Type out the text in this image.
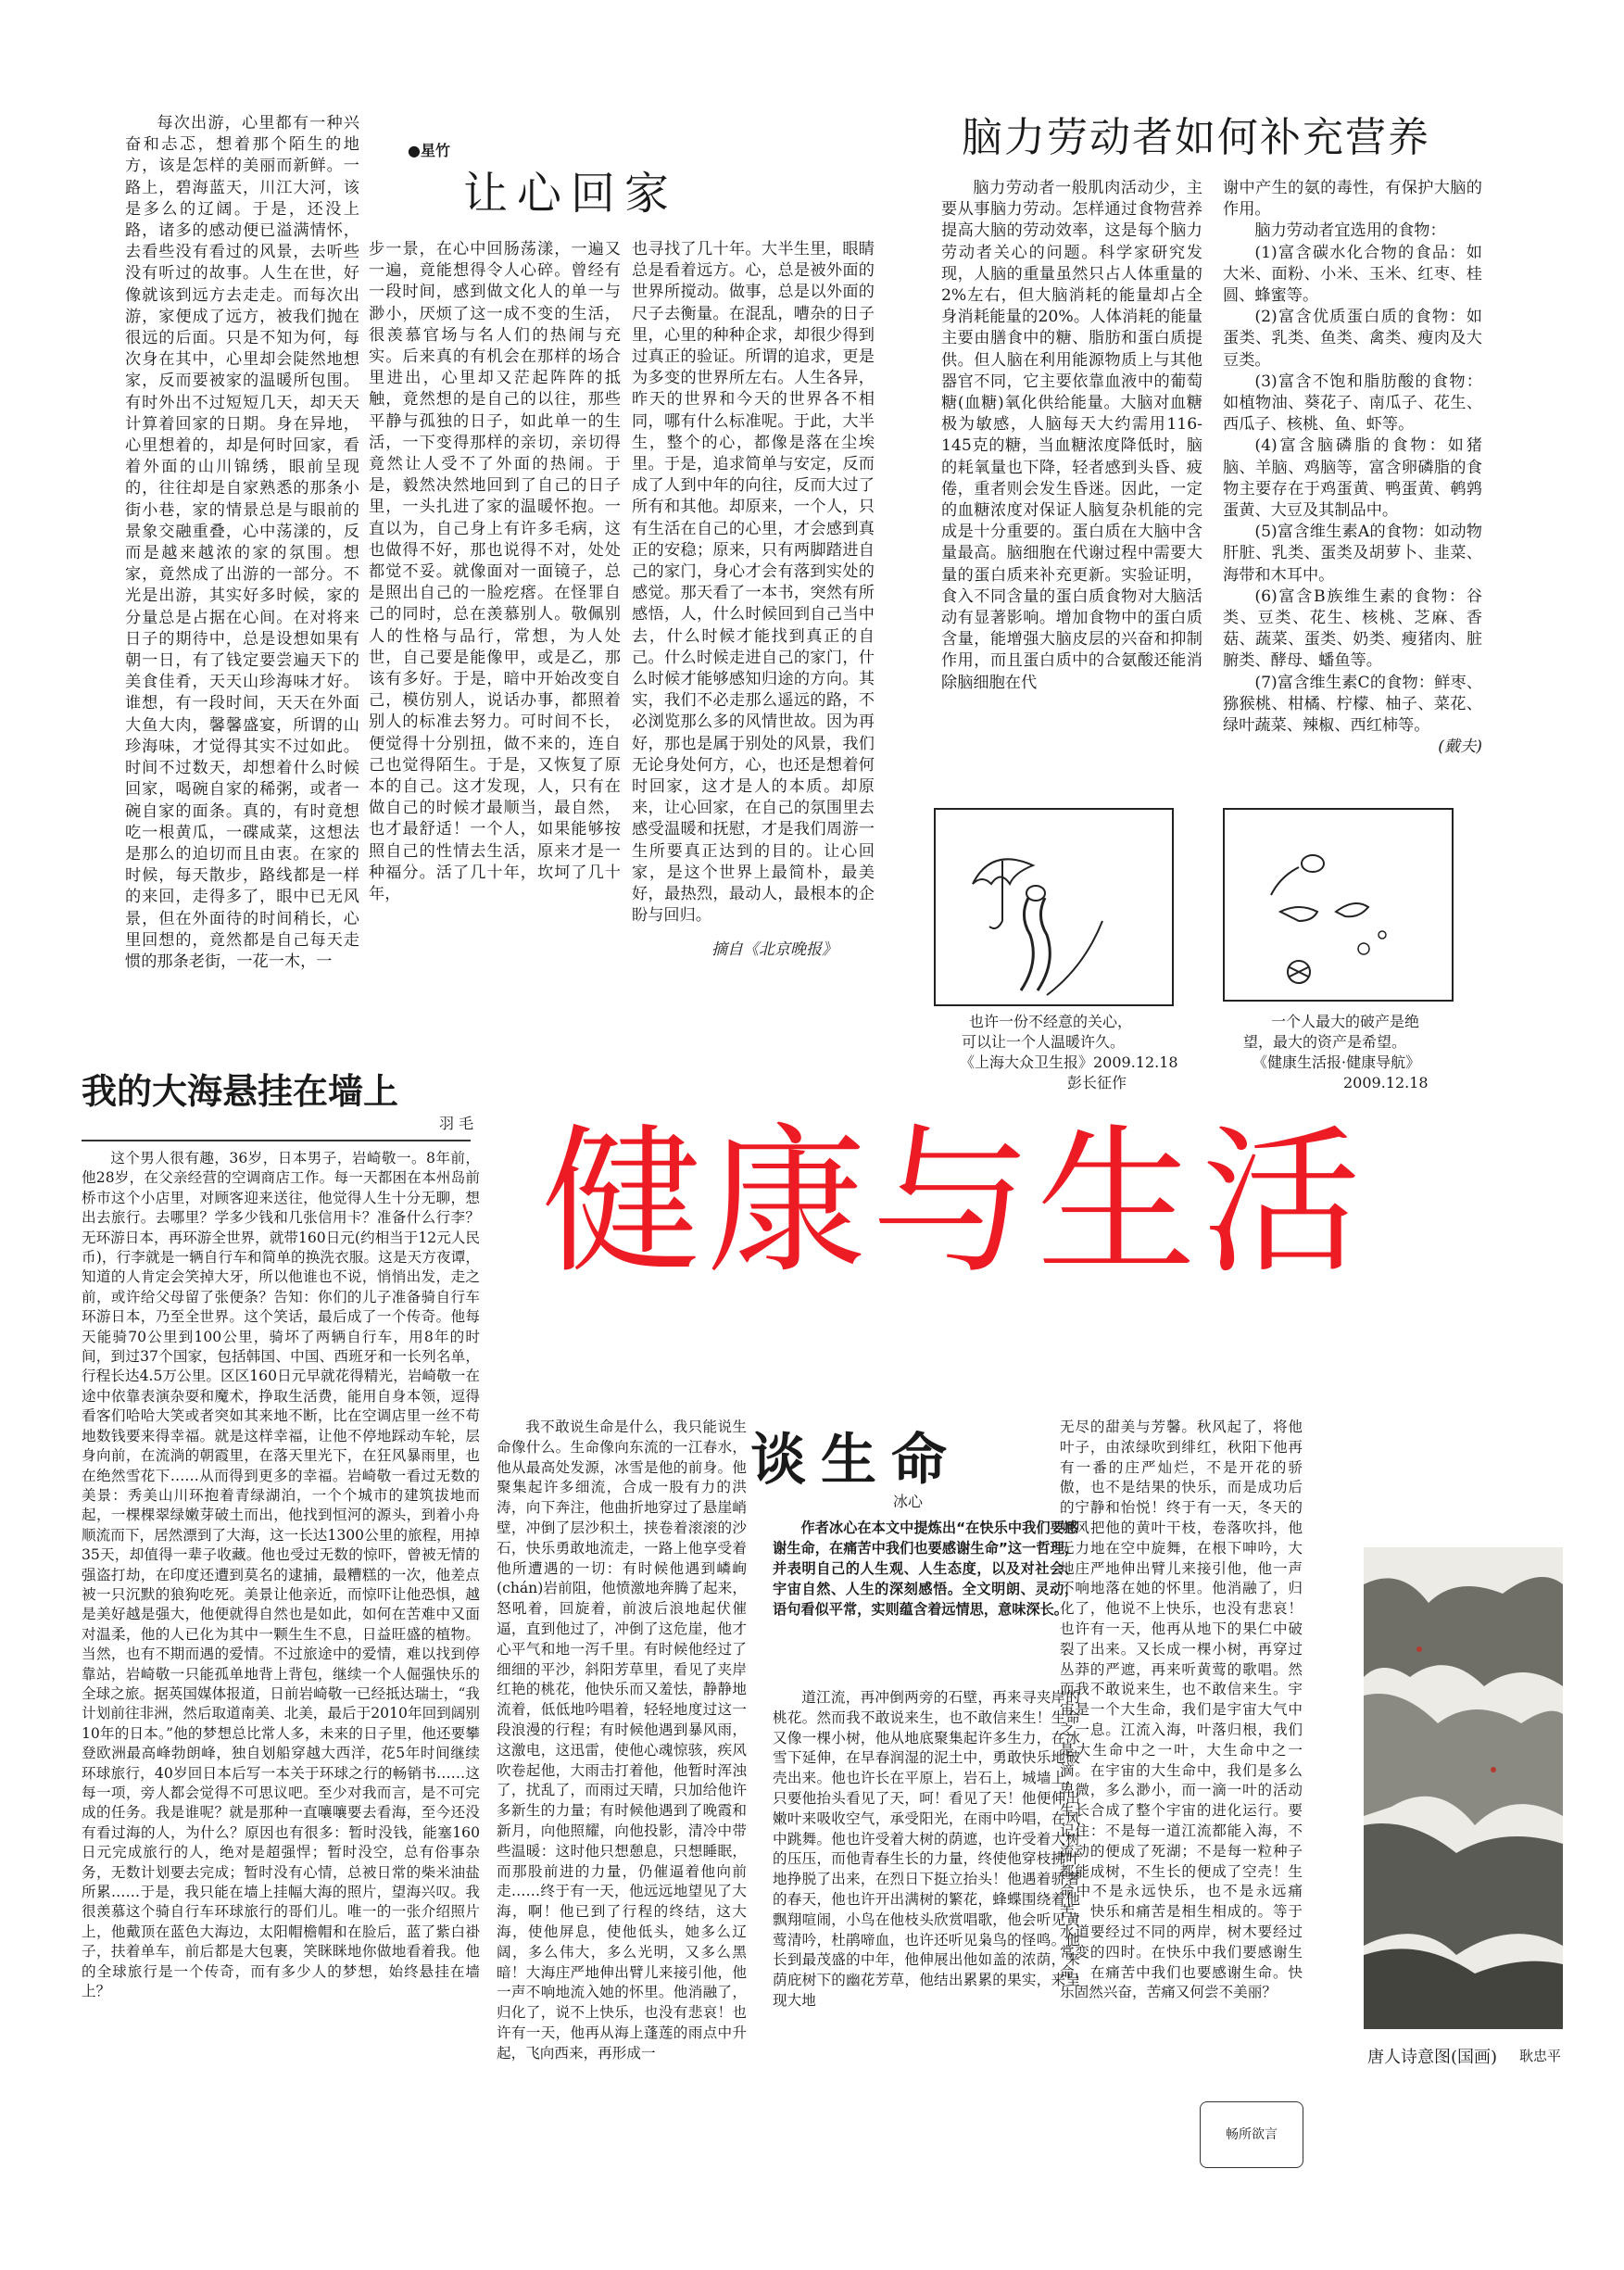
●星竹
让心回家
每次出游，心里都有一种兴奋和忐忑，想着那个陌生的地方，该是怎样的美丽而新鲜。一路上，碧海蓝天，川江大河，该是多么的辽阔。于是，还没上路，诸多的感动便已溢满情怀，去看些没有看过的风景，去听些没有听过的故事。人生在世，好像就该到远方去走走。而每次出游，家便成了远方，被我们抛在很远的后面。只是不知为何，每次身在其中，心里却会陡然地想家，反而要被家的温暖所包围。有时外出不过短短几天，却天天计算着回家的日期。身在异地，心里想着的，却是何时回家，看着外面的山川锦绣，眼前呈现的，往往却是自家熟悉的那条小街小巷，家的情景总是与眼前的景象交融重叠，心中荡漾的，反而是越来越浓的家的氛围。想家，竟然成了出游的一部分。不光是出游，其实好多时候，家的分量总是占据在心间。在对将来日子的期待中，总是设想如果有朝一日，有了钱定要尝遍天下的美食佳肴，天天山珍海味才好。谁想，有一段时间，天天在外面大鱼大肉，馨馨盛宴，所谓的山珍海味，才觉得其实不过如此。时间不过数天，却想着什么时候回家，喝碗自家的稀粥，或者一碗自家的面条。真的，有时竟想吃一根黄瓜，一碟咸菜，这想法是那么的迫切而且由衷。在家的时候，每天散步，路线都是一样的来回，走得多了，眼中已无风景，但在外面待的时间稍长，心里回想的，竟然都是自己每天走惯的那条老街，一花一木，一
步一景，在心中回肠荡漾，一遍又一遍，竟能想得令人心碎。曾经有一段时间，感到做文化人的单一与渺小，厌烦了这一成不变的生活，很羡慕官场与名人们的热闹与充实。后来真的有机会在那样的场合里进出，心里却又茫起阵阵的抵触，竟然想的是自己的以往，那些平静与孤独的日子，如此单一的生活，一下变得那样的亲切，亲切得竟然让人受不了外面的热闹。于是，毅然决然地回到了自己的日子里，一头扎进了家的温暖怀抱。一直以为，自己身上有许多毛病，这也做得不好，那也说得不对，处处都觉不妥。就像面对一面镜子，总是照出自己的一脸疙瘩。在怪罪自己的同时，总在羡慕别人。敬佩别人的性格与品行，常想，为人处世，自己要是能像甲，或是乙，那该有多好。于是，暗中开始改变自己，模仿别人，说话办事，都照着别人的标准去努力。可时间不长，便觉得十分别扭，做不来的，连自己也觉得陌生。于是，又恢复了原本的自己。这才发现，人，只有在做自己的时候才最顺当，最自然，也才最舒适！一个人，如果能够按照自己的性情去生活，原来才是一种福分。活了几十年，坎坷了几十年，
也寻找了几十年。大半生里，眼睛总是看着远方。心，总是被外面的世界所搅动。做事，总是以外面的尺子去衡量。在混乱，嘈杂的日子里，心里的种种企求，却很少得到过真正的验证。所谓的追求，更是为多变的世界所左右。人生各异，昨天的世界和今天的世界各不相同，哪有什么标准呢。于此，大半生，整个的心，都像是落在尘埃里。于是，追求简单与安定，反而成了人到中年的向往，反而大过了所有和其他。却原来，一个人，只有生活在自己的心里，才会感到真正的安稳；原来，只有两脚踏进自己的家门，身心才会有落到实处的感觉。那天看了一本书，突然有所感悟，人，什么时候回到自己当中去，什么时候才能找到真正的自己。什么时候走进自己的家门，什么时候才能够感知归途的方向。其实，我们不必走那么遥远的路，不必浏览那么多的风情世故。因为再好，那也是属于别处的风景，我们无论身处何方，心，也还是想着何时回家，这才是人的本质。却原来，让心回家，在自己的氛围里去感受温暖和抚慰，才是我们周游一生所要真正达到的目的。让心回家，是这个世界上最简朴，最美好，最热烈，最动人，最根本的企盼与回归。
摘自《北京晚报》
脑力劳动者如何补充营养
脑力劳动者一般肌肉活动少，主要从事脑力劳动。怎样通过食物营养提高大脑的劳动效率，这是每个脑力劳动者关心的问题。科学家研究发现，人脑的重量虽然只占人体重量的2%左右，但大脑消耗的能量却占全身消耗能量的20%。人体消耗的能量主要由膳食中的糖、脂肪和蛋白质提供。但人脑在利用能源物质上与其他器官不同，它主要依靠血液中的葡萄糖(血糖)氧化供给能量。大脑对血糖极为敏感，人脑每天大约需用116-145克的糖，当血糖浓度降低时，脑的耗氧量也下降，轻者感到头昏、疲倦，重者则会发生昏迷。因此，一定的血糖浓度对保证人脑复杂机能的完成是十分重要的。蛋白质在大脑中含量最高。脑细胞在代谢过程中需要大量的蛋白质来补充更新。实验证明，食入不同含量的蛋白质食物对大脑活动有显著影响。增加食物中的蛋白质含量，能增强大脑皮层的兴奋和抑制作用，而且蛋白质中的合氨酸还能消除脑细胞在代
谢中产生的氨的毒性，有保护大脑的作用。
脑力劳动者宜选用的食物：
(1)富含碳水化合物的食品：如大米、面粉、小米、玉米、红枣、桂圆、蜂蜜等。
(2)富含优质蛋白质的食物：如蛋类、乳类、鱼类、禽类、瘦肉及大豆类。
(3)富含不饱和脂肪酸的食物：如植物油、葵花子、南瓜子、花生、西瓜子、核桃、鱼、虾等。
(4)富含脑磷脂的食物：如猪脑、羊脑、鸡脑等，富含卵磷脂的食物主要存在于鸡蛋黄、鸭蛋黄、鹌鹑蛋黄、大豆及其制品中。
(5)富含维生素A的食物：如动物肝脏、乳类、蛋类及胡萝卜、韭菜、海带和木耳中。
(6)富含B族维生素的食物：谷类、豆类、花生、核桃、芝麻、香菇、蔬菜、蛋类、奶类、瘦猪肉、脏腑类、酵母、蟠鱼等。
(7)富含维生素C的食物：鲜枣、猕猴桃、柑橘、柠檬、柚子、菜花、绿叶蔬菜、辣椒、西红柿等。
(戴夫)
也许一份不经意的关心，
可以让一个人温暖许久。
《上海大众卫生报》2009.12.18
彭长征作
一个人最大的破产是绝
望，最大的资产是希望。
《健康生活报·健康导航》
2009.12.18
健康与生活
我的大海悬挂在墙上
羽 毛
这个男人很有趣，36岁，日本男子，岩崎敬一。8年前，他28岁，在父亲经营的空调商店工作。每一天都困在本州岛前桥市这个小店里，对顾客迎来送往，他觉得人生十分无聊，想出去旅行。去哪里？学多少钱和几张信用卡？准备什么行李？无环游日本，再环游全世界，就带160日元(约相当于12元人民币)，行李就是一辆自行车和简单的换洗衣服。这是天方夜谭，知道的人肯定会笑掉大牙，所以他谁也不说，悄悄出发，走之前，或许给父母留了张便条？告知：你们的儿子准备骑自行车环游日本，乃至全世界。这个笑话，最后成了一个传奇。他每天能骑70公里到100公里，骑坏了两辆自行车，用8年的时间，到过37个国家，包括韩国、中国、西班牙和一长列名单，行程长达4.5万公里。区区160日元早就花得精光，岩崎敬一在途中依靠表演杂耍和魔术，挣取生活费，能用自身本领，逗得看客们哈哈大笑或者突如其来地不断，比在空调店里一丝不苟地数钱要来得幸福。就是这样幸福，让他不停地踩动车轮，层身向前，在流淌的朝霞里，在落天里光下，在狂风暴雨里，也在绝然雪花下……从而得到更多的幸福。岩崎敬一看过无数的美景：秀美山川环抱着青绿湖泊，一个个城市的建筑拔地而起，一棵棵翠绿嫩芽破土而出，他找到恒河的源头，到着小舟顺流而下，居然漂到了大海，这一长达1300公里的旅程，用掉35天，却值得一辈子收藏。他也受过无数的惊吓，曾被无情的强盗打劫，在印度还遭到莫名的逮捕，最糟糕的一次，他差点被一只沉默的狼狗吃死。美景让他亲近，而惊吓让他恐惧，越是美好越是强大，他便就得自然也是如此，如何在苦难中又面对温柔，他的人已化为其中一颗生生不息，日益旺盛的植物。当然，也有不期而遇的爱情。不过旅途中的爱情，难以找到停靠站，岩崎敬一只能孤单地背上背包，继续一个人倔强快乐的全球之旅。据英国媒体报道，日前岩崎敬一已经抵达瑞士，“我计划前往非洲，然后取道南美、北美，最后于2010年回到阔别10年的日本。”他的梦想总比常人多，未来的日子里，他还要攀登欧洲最高峰勃朗峰，独自划船穿越大西洋，花5年时间继续环球旅行，40岁回日本后写一本关于环球之行的畅销书……这每一项，旁人都会觉得不可思议吧。至少对我而言，是不可完成的任务。我是谁呢？就是那种一直嚷嚷要去看海，至今还没有看过海的人，为什么？原因也有很多：暂时没钱，能塞160日元完成旅行的人，绝对是超强悍；暂时没空，总有俗事杂务，无数计划要去完成；暂时没有心情，总被日常的柴米油盐所累……于是，我只能在墙上挂幅大海的照片，望海兴叹。我很羡慕这个骑自行车环球旅行的哥们儿。唯一的一张介绍照片上，他戴顶在蓝色大海边，太阳帽檐帽和在脸后，蓝了紫白褂子，扶着单车，前后都是大包裹，笑眯眯地你做地看着我。他的全球旅行是一个传奇，而有多少人的梦想，始终悬挂在墙上？
谈生命
冰心
作者冰心在本文中提炼出“在快乐中我们要感谢生命，在痛苦中我们也要感谢生命”这一哲理，并表明自己的人生观、人生态度，以及对社会、宇宙自然、人生的深刻感悟。全文明朗、灵动，语句看似平常，实则蕴含着远情思，意味深长。
我不敢说生命是什么，我只能说生命像什么。生命像向东流的一江春水，他从最高处发源，冰雪是他的前身。他聚集起许多细流，合成一股有力的洪涛，向下奔注，他曲折地穿过了悬崖峭壁，冲倒了层沙积土，挟卷着滚滚的沙石，快乐勇敢地流走，一路上他享受着他所遭遇的一切：有时候他遇到嶙峋(chán)岩前阻，他愤激地奔腾了起来，怒吼着，回旋着，前波后浪地起伏催逼，直到他过了，冲倒了这危崖，他才心平气和地一泻千里。有时候他经过了细细的平沙，斜阳芳草里，看见了夹岸红艳的桃花，他快乐而又羞怯，静静地流着，低低地吟唱着，轻轻地度过这一段浪漫的行程；有时候他遇到暴风雨，这激电，这迅雷，使他心魂惊骇，疾风吹卷起他，大雨击打着他，他暂时浑浊了，扰乱了，而雨过天晴，只加给他许多新生的力量；有时候他遇到了晚霞和新月，向他照耀，向他投影，清冷中带些温暖：这时他只想憩息，只想睡眠，而那股前进的力量，仍催逼着他向前走……终于有一天，他远远地望见了大海，啊！他已到了行程的终结，这大海，使他屏息，使他低头，她多么辽阔，多么伟大，多么光明，又多么黑暗！大海庄严地伸出臂儿来接引他，他一声不响地流入她的怀里。他消融了，归化了，说不上快乐，也没有悲哀！也许有一天，他再从海上蓬莲的雨点中升起，飞向西来，再形成一
道江流，再冲倒两旁的石壁，再来寻夹岸的桃花。然而我不敢说来生，也不敢信来生！生命又像一棵小树，他从地底聚集起许多生力，在冰雪下延伸，在早春润湿的泥土中，勇敢快乐地破壳出来。他也许长在平原上，岩石上，城墙上，只要他抬头看见了天，呵！看见了天！他便伸出嫩叶来吸收空气，承受阳光，在雨中吟唱，在风中跳舞。他也许受着大树的荫遮，也许受着大树的压压，而他青春生长的力量，终使他穿枝拂叶地挣脱了出来，在烈日下挺立抬头！他遇着骄奢的春天，他也许开出满树的繁花，蜂蝶围绕着他飘翔喧闹，小鸟在他枝头欣赏唱歌，他会听见黄莺清吟，杜鹃啼血，也许还听见枭鸟的怪鸣。他长到最茂盛的中年，他伸展出他如盖的浓荫，来荫庇树下的幽花芳草，他结出累累的果实，来呈现大地
无尽的甜美与芳馨。秋风起了，将他叶子，由浓绿吹到绯红，秋阳下他再有一番的庄严灿烂，不是开花的骄傲，也不是结果的快乐，而是成功后的宁静和怡悦！终于有一天，冬天的朔风把他的黄叶干枝，卷落吹抖，他无力地在空中旋舞，在根下呻吟，大地庄严地伸出臂儿来接引他，他一声不响地落在她的怀里。他消融了，归化了，他说不上快乐，也没有悲哀！也许有一天，他再从地下的果仁中破裂了出来。又长成一棵小树，再穿过丛莽的严遮，再来听黄莺的歌唱。然而我不敢说来生，也不敢信来生。宇宙是一个大生命，我们是宇宙大气中之一息。江流入海，叶落归根，我们是大生命中之一叶，大生命中之一滴。在宇宙的大生命中，我们是多么卑微，多么渺小，而一滴一叶的活动生长合成了整个宇宙的进化运行。要记住：不是每一道江流都能入海，不流动的便成了死湖；不是每一粒种子都能成树，不生长的便成了空壳！生命中不是永远快乐，也不是永远痛苦，快乐和痛苦是相生相成的。等于水道要经过不同的两岸，树木要经过常变的四时。在快乐中我们要感谢生命，在痛苦中我们也要感谢生命。快乐固然兴奋，苦痛又何尝不美丽？
畅所欲言
唐人诗意图(国画) 耿忠平
